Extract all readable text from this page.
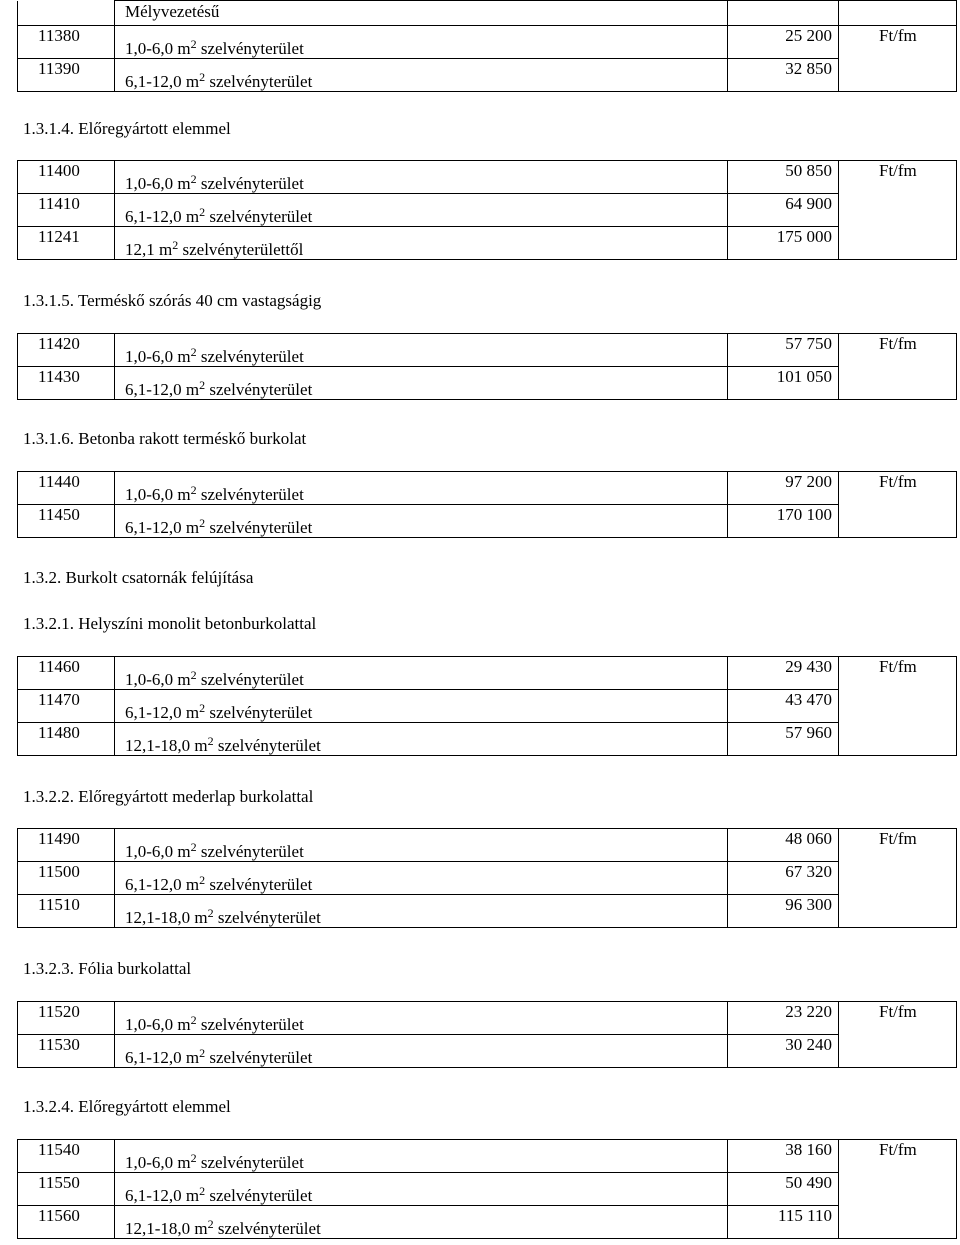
	Mélyvezetésű		

11380	1,0-6,0 $m^2$ szelvényterület	25 200	Ft/fm

11390	6,1-12,0 $m^2$ szelvényterület	32 850	
1.3.1.4. Előregyártott elemmel
11400	1,0-6,0 $m^2$ szelvényterület	50 850	Ft/fm

11410	6,1-12,0 $m^2$ szelvényterület	64 900	

11241	12,1 $m^2$ szelvényterülettől	175 000	
1.3.1.5. Terméskő szórás 40 cm vastagságig
11420	1,0-6,0 $m^2$ szelvényterület	57 750	Ft/fm

11430	6,1-12,0 $m^2$ szelvényterület	101 050	
1.3.1.6. Betonba rakott terméskő burkolat
11440	1,0-6,0 $m^2$ szelvényterület	97 200	Ft/fm

11450	6,1-12,0 $m^2$ szelvényterület	170 100	
1.3.2.1. Helyszíni monolit betonburkolattal
11460	1,0-6,0 $m^2$ szelvényterület	29 430	Ft/fm

11470	6,1-12,0 $m^2$ szelvényterület	43 470	

11480	12,1-18,0 $m^2$ szelvényterület	57 960	
1.3.2.2. Előregyártott mederlap burkolattal
11490	1,0-6,0 $m^2$ szelvényterület	48 060	Ft/fm

11500	6,1-12,0 $m^2$ szelvényterület	67 320	

11510	12,1-18,0 $m^2$ szelvényterület	96 300	
1.3.2.3. Fólia burkolattal
11520	1,0-6,0 $m^2$ szelvényterület	23 220	Ft/fm

11530	6,1-12,0 $m^2$ szelvényterület	30 240	
1.3.2.4. Előregyártott elemmel
11540	1,0-6,0 $m^2$ szelvényterület	38 160	Ft/fm

11550	6,1-12,0 $m^2$ szelvényterület	50 490	

11560	12,1-18,0 $m^2$ szelvényterület	115 110	
1.3.2. Burkolt csatornák felújítása
